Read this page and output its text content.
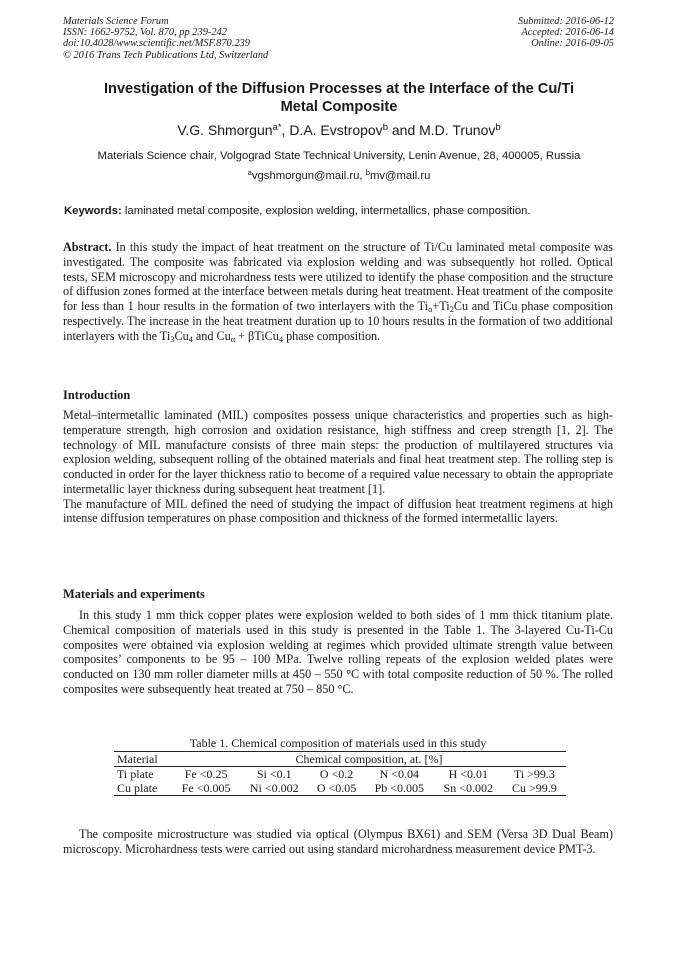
Materials Science Forum
ISSN: 1662-9752, Vol. 870, pp 239-242
doi:10.4028/www.scientific.net/MSF.870.239
© 2016 Trans Tech Publications Ltd, Switzerland
Submitted: 2016-06-12
Accepted: 2016-06-14
Online: 2016-09-05
Investigation of the Diffusion Processes at the Interface of the Cu/Ti
Metal Composite
V.G. Shmorgun$^{a*}$, D.A. Evstropov$^b$ and M.D. Trunov$^b$
Materials Science chair, Volgograd State Technical University, Lenin Avenue, 28, 400005, Russia
$^a$vgshmorgun@mail.ru, $^b$mv@mail.ru
Keywords: laminated metal composite, explosion welding, intermetallics, phase composition.

Abstract. In this study the impact of heat treatment on the structure of Ti/Cu laminated metal composite was investigated. The composite was fabricated via explosion welding and was subsequently hot rolled. Optical tests, SEM microscopy and microhardness tests were utilized to identify the phase composition and the structure of diffusion zones formed at the interface between metals during heat treatment. Heat treatment of the composite for less than 1 hour results in the formation of two interlayers with the $Ti_\alpha+Ti_2Cu$ and TiCu phase composition respectively. The increase in the heat treatment duration up to 10 hours results in the formation of two additional interlayers with the $Ti_3Cu_4$ and $Cu_\alpha$ + βTiCu$_4$ phase composition.

Introduction

Metal–intermetallic laminated (MIL) composites possess unique characteristics and properties such as high-temperature strength, high corrosion and oxidation resistance, high stiffness and creep strength [1, 2]. The technology of MIL manufacture consists of three main steps: the production of multilayered structures via explosion welding, subsequent rolling of the obtained materials and final heat treatment step. The rolling step is conducted in order for the layer thickness ratio to become of a required value necessary to obtain the appropriate intermetallic layer thickness during subsequent heat treatment [1].

The manufacture of MIL defined the need of studying the impact of diffusion heat treatment regimens at high intense diffusion temperatures on phase composition and thickness of the formed intermetallic layers.

Materials and experiments

In this study 1 mm thick copper plates were explosion welded to both sides of 1 mm thick titanium plate. Chemical composition of materials used in this study is presented in the Table 1. The 3-layered Cu-Ti-Cu composites were obtained via explosion welding at regimes which provided ultimate strength value between composites’ components to be 95 – 100 MPa. Twelve rolling repeats of the explosion welded plates were conducted on 130 mm roller diameter mills at 450 – 550 °C with total composite reduction of 50 %. The rolled composites were subsequently heat treated at 750 – 850 °C.

Table 1. Chemical composition of materials used in this study
Material	Chemical composition, at. [%]					
Ti plate	Fe <0.25	Si <0.1	O <0.2	N <0.04	H <0.01	Ti >99.3
Cu plate	Fe <0.005	Ni <0.002	O <0.05	Pb <0.005	Sn <0.002	Cu >99.9

The composite microstructure was studied via optical (Olympus BX61) and SEM (Versa 3D Dual Beam) microscopy. Microhardness tests were carried out using standard microhardness measurement device PMT-3.
